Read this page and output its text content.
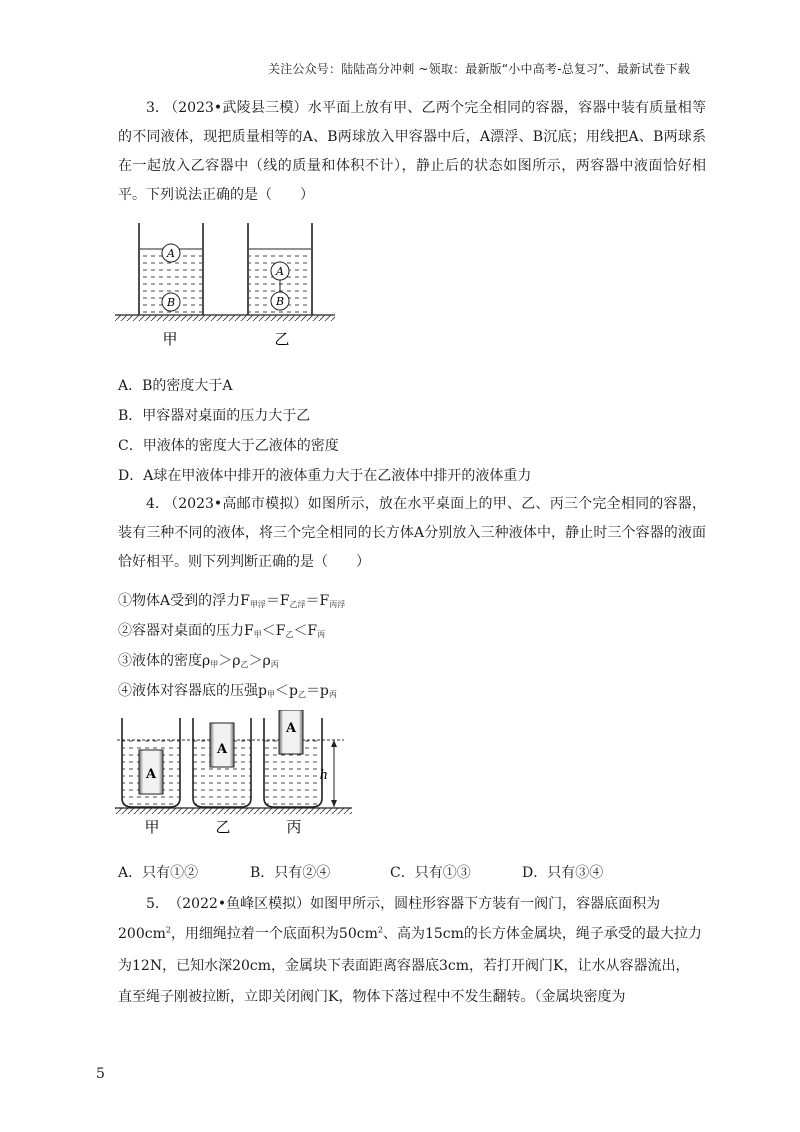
关注公众号：陆陆高分冲刺 ~领取：最新版“小中高考-总复习”、最新试卷下载
3. （2023•武陵县三模）水平面上放有甲、乙两个完全相同的容器，容器中装有质量相等的不同液体，现把质量相等的A、B两球放入甲容器中后，A漂浮、B沉底；用线把A、B两球系在一起放入乙容器中（线的质量和体积不计），静止后的状态如图所示，两容器中液面恰好相平。下列说法正确的是（　　）
A
B
A
B
甲	乙
A．B的密度大于A
B．甲容器对桌面的压力大于乙
C．甲液体的密度大于乙液体的密度
D．A球在甲液体中排开的液体重力大于在乙液体中排开的液体重力
4. （2023•高邮市模拟）如图所示，放在水平桌面上的甲、乙、丙三个完全相同的容器，装有三种不同的液体，将三个完全相同的长方体A分别放入三种液体中，静止时三个容器的液面恰好相平。则下列判断正确的是（　　）
①物体A受到的浮力$F_{甲浮}=F_{乙浮}=F_{丙浮}$
②容器对桌面的压力$F_甲<F_乙<F_丙$
③液体的密度$\rho_甲>\rho_乙>\rho_丙$
④液体对容器底的压强$p_甲<p_乙=p_丙$
A
A
A
h
甲	乙	丙
A．只有①②	B．只有②④	C．只有①③	D．只有③④
5. （2022•鱼峰区模拟）如图甲所示，圆柱形容器下方装有一阀门，容器底面积为
$200cm^2$，用细绳拉着一个底面积为$50cm^2$、高为15cm的长方体金属块，绳子承受的最大拉力
为12N，已知水深20cm，金属块下表面距离容器底3cm，若打开阀门K，让水从容器流出，
直至绳子刚被拉断，立即关闭阀门K，物体下落过程中不发生翻转。（金属块密度为
5
